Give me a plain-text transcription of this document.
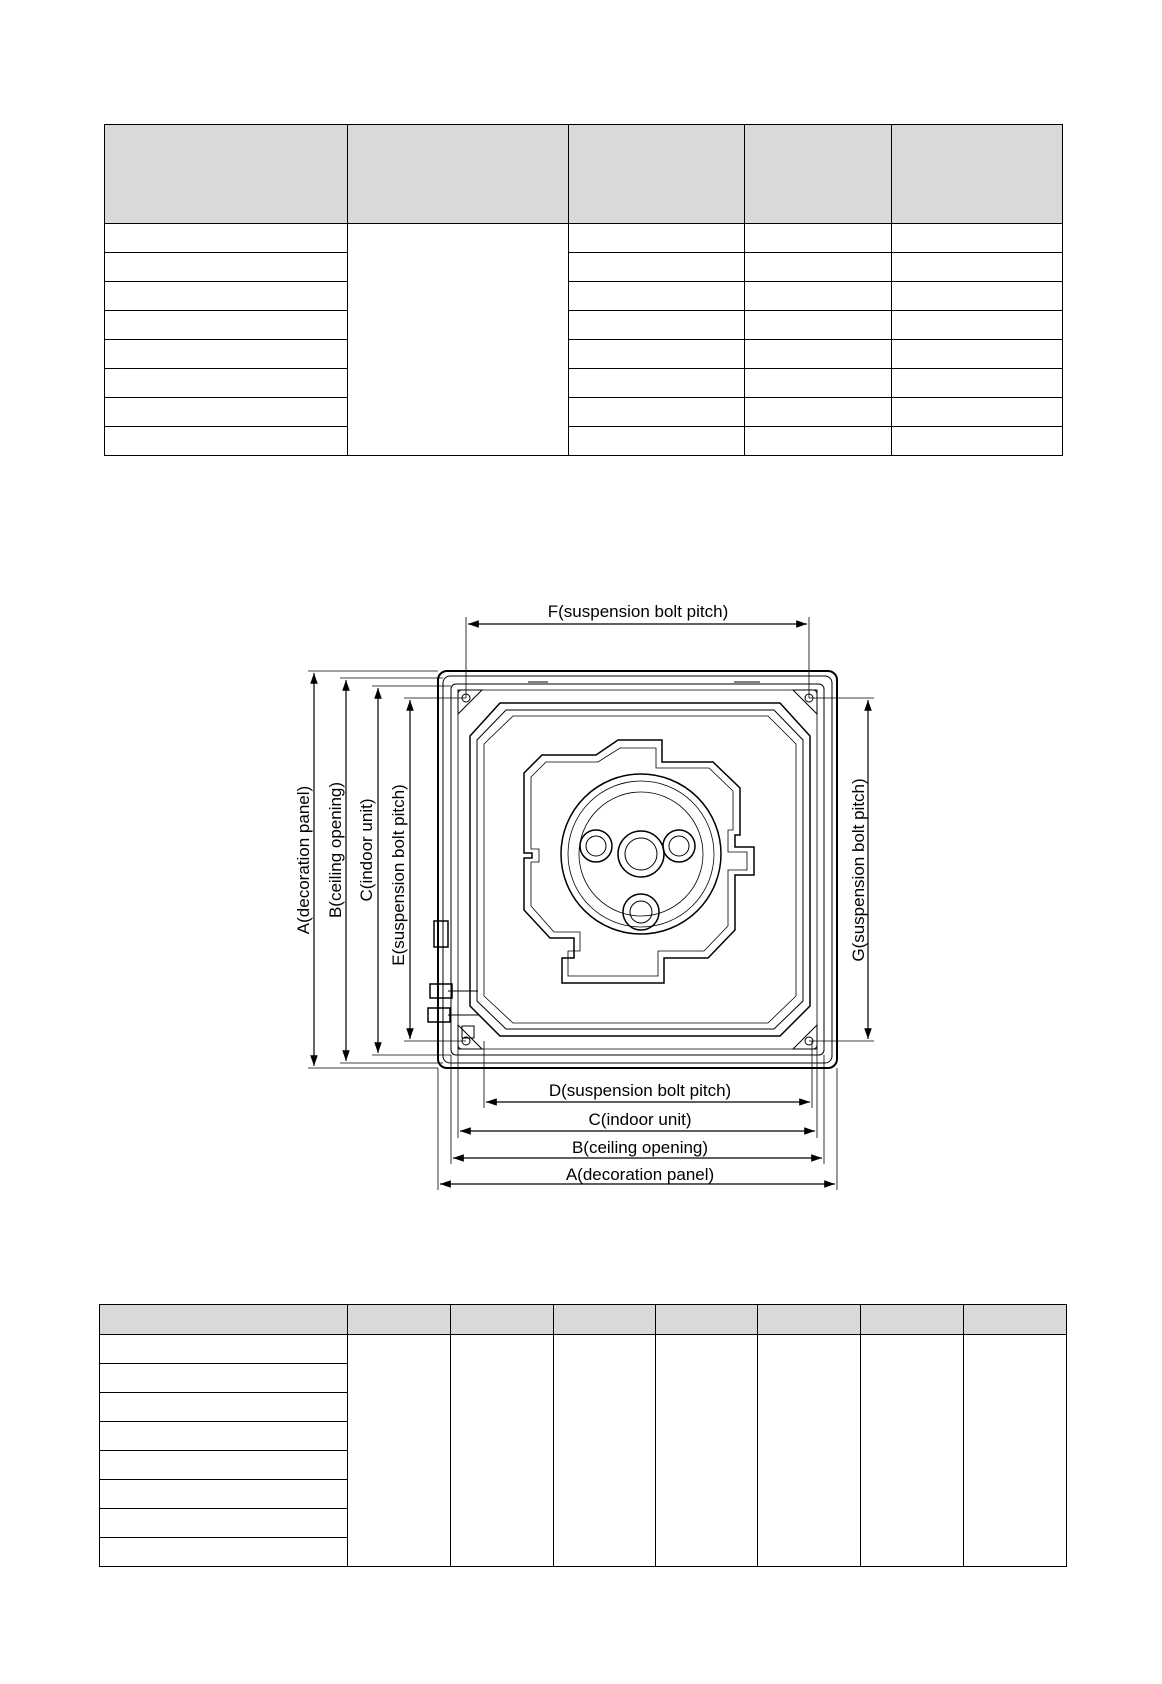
F(suspension bolt pitch)
G(suspension bolt pitch)
A(decoration panel) B(ceiling opening) C(indoor unit) E(suspension bolt pitch)
D(suspension bolt pitch)
C(indoor unit)
B(ceiling opening)
A(decoration panel)
